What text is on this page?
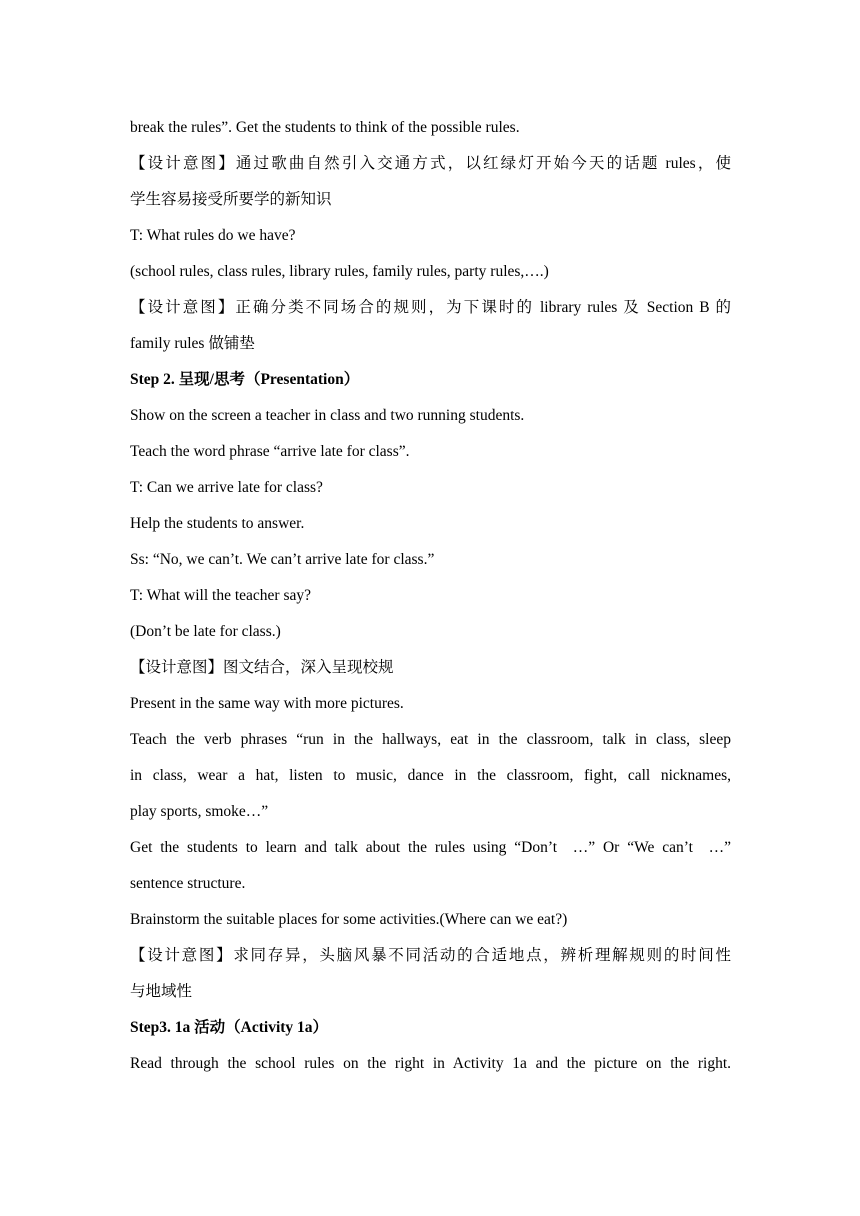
break the rules”. Get the students to think of the possible rules.
【设计意图】通过歌曲自然引入交通方式，以红绿灯开始今天的话题 rules，使
学生容易接受所要学的新知识
T: What rules do we have?
(school rules, class rules, library rules, family rules, party rules,….)
【设计意图】正确分类不同场合的规则，为下课时的 library rules 及 Section B 的
family rules 做铺垫
Step 2. 呈现/思考（Presentation）
Show on the screen a teacher in class and two running students.
Teach the word phrase “arrive late for class”.
T: Can we arrive late for class?
Help the students to answer.
Ss: “No, we can’t. We can’t arrive late for class.”
T: What will the teacher say?
(Don’t be late for class.)
【设计意图】图文结合，深入呈现校规
Present in the same way with more pictures.
Teach the verb phrases “run in the hallways, eat in the classroom, talk in class, sleep
in class, wear a hat, listen to music, dance in the classroom, fight, call nicknames,
play sports, smoke…”
Get the students to learn and talk about the rules using “Don’t  …” Or “We can’t  …”
sentence structure.
Brainstorm the suitable places for some activities.(Where can we eat?)
【设计意图】求同存异，头脑风暴不同活动的合适地点，辨析理解规则的时间性
与地域性
Step3. 1a 活动（Activity 1a）
Read through the school rules on the right in Activity 1a and the picture on the right.
